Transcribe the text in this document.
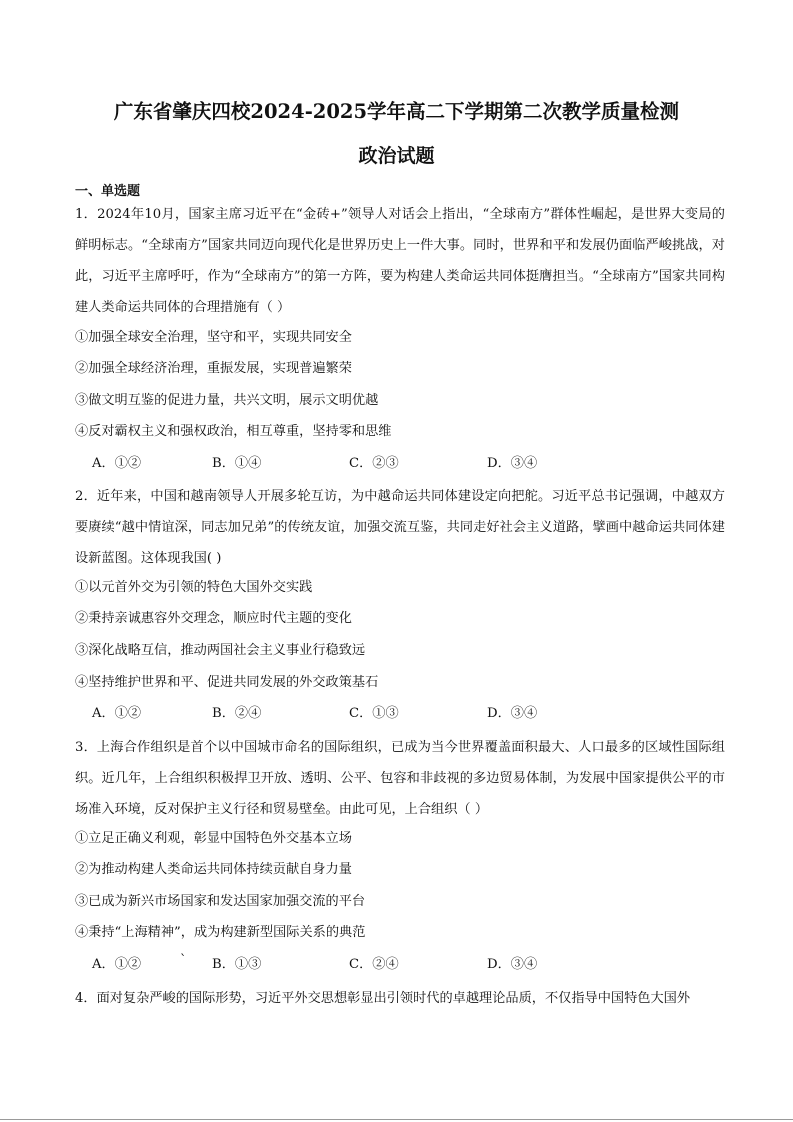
广东省肇庆四校2024-2025学年高二下学期第二次教学质量检测
政治试题
一、单选题
1．2024年10月，国家主席习近平在“金砖+”领导人对话会上指出，“全球南方”群体性崛起，是世界大变局的鲜明标志。“全球南方”国家共同迈向现代化是世界历史上一件大事。同时，世界和平和发展仍面临严峻挑战，对此，习近平主席呼吁，作为“全球南方”的第一方阵，要为构建人类命运共同体挺膺担当。“全球南方”国家共同构建人类命运共同体的合理措施有（ ）
①加强全球安全治理，坚守和平，实现共同安全
②加强全球经济治理，重振发展，实现普遍繁荣
③做文明互鉴的促进力量，共兴文明，展示文明优越
④反对霸权主义和强权政治，相互尊重，坚持零和思维
A．①②	B．①④	C．②③	D．③④
2．近年来，中国和越南领导人开展多轮互访，为中越命运共同体建设定向把舵。习近平总书记强调，中越双方要赓续“越中情谊深，同志加兄弟”的传统友谊，加强交流互鉴，共同走好社会主义道路，擘画中越命运共同体建设新蓝图。这体现我国( )
①以元首外交为引领的特色大国外交实践
②秉持亲诚惠容外交理念，顺应时代主题的变化
③深化战略互信，推动两国社会主义事业行稳致远
④坚持维护世界和平、促进共同发展的外交政策基石
A．①②	B．②④	C．①③	D．③④
3．上海合作组织是首个以中国城市命名的国际组织，已成为当今世界覆盖面积最大、人口最多的区域性国际组织。近几年，上合组织积极捍卫开放、透明、公平、包容和非歧视的多边贸易体制，为发展中国家提供公平的市场准入环境，反对保护主义行径和贸易壁垒。由此可见，上合组织（ ）
①立足正确义利观，彰显中国特色外交基本立场
②为推动构建人类命运共同体持续贡献自身力量
③已成为新兴市场国家和发达国家加强交流的平台
④秉持“上海精神”，成为构建新型国际关系的典范
A．①②	` B．①③	C．②④	D．③④
4．面对复杂严峻的国际形势，习近平外交思想彰显出引领时代的卓越理论品质，不仅指导中国特色大国外
